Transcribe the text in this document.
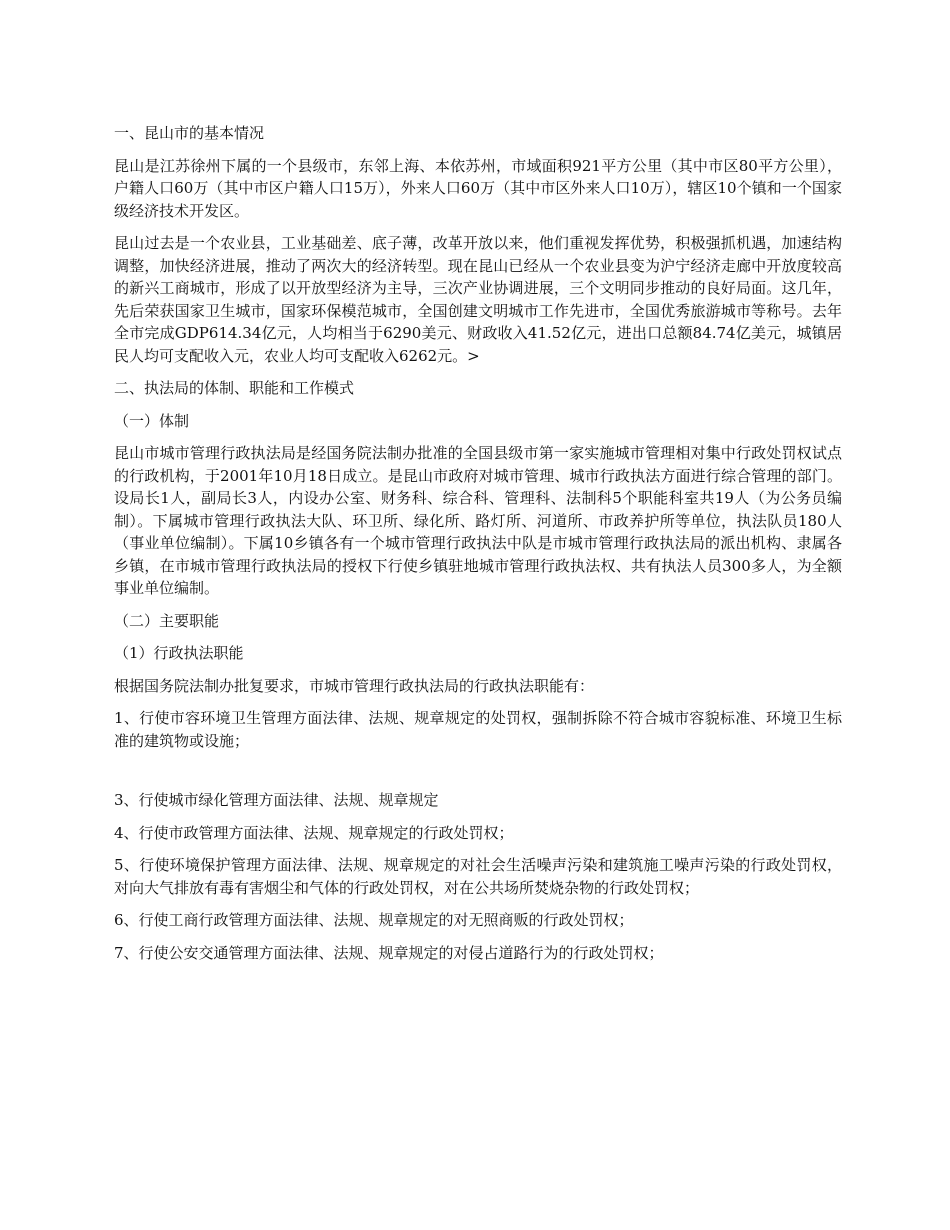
一、昆山市的基本情况

昆山是江苏徐州下属的一个县级市，东邻上海、本依苏州，市域面积921平方公里（其中市区80平方公里），户籍人口60万（其中市区户籍人口15万），外来人口60万（其中市区外来人口10万），辖区10个镇和一个国家级经济技术开发区。

昆山过去是一个农业县，工业基础差、底子薄，改革开放以来，他们重视发挥优势，积极强抓机遇，加速结构调整，加快经济进展，推动了两次大的经济转型。现在昆山已经从一个农业县变为沪宁经济走廊中开放度较高的新兴工商城市，形成了以开放型经济为主导，三次产业协调进展，三个文明同步推动的良好局面。这几年，先后荣获国家卫生城市，国家环保模范城市，全国创建文明城市工作先进市，全国优秀旅游城市等称号。去年全市完成GDP614.34亿元，人均相当于6290美元、财政收入41.52亿元，进出口总额84.74亿美元，城镇居民人均可支配收入元，农业人均可支配收入6262元。>

二、执法局的体制、职能和工作模式

（一）体制

昆山市城市管理行政执法局是经国务院法制办批准的全国县级市第一家实施城市管理相对集中行政处罚权试点的行政机构，于2001年10月18日成立。是昆山市政府对城市管理、城市行政执法方面进行综合管理的部门。设局长1人，副局长3人，内设办公室、财务科、综合科、管理科、法制科5个职能科室共19人（为公务员编制）。下属城市管理行政执法大队、环卫所、绿化所、路灯所、河道所、市政养护所等单位，执法队员180人（事业单位编制）。下属10乡镇各有一个城市管理行政执法中队是市城市管理行政执法局的派出机构、隶属各乡镇，在市城市管理行政执法局的授权下行使乡镇驻地城市管理行政执法权、共有执法人员300多人，为全额事业单位编制。

（二）主要职能

（1）行政执法职能

根据国务院法制办批复要求，市城市管理行政执法局的行政执法职能有：

1、行使市容环境卫生管理方面法律、法规、规章规定的处罚权，强制拆除不符合城市容貌标准、环境卫生标准的建筑物或设施；

3、行使城市绿化管理方面法律、法规、规章规定

4、行使市政管理方面法律、法规、规章规定的行政处罚权；

5、行使环境保护管理方面法律、法规、规章规定的对社会生活噪声污染和建筑施工噪声污染的行政处罚权，对向大气排放有毒有害烟尘和气体的行政处罚权，对在公共场所焚烧杂物的行政处罚权；

6、行使工商行政管理方面法律、法规、规章规定的对无照商贩的行政处罚权；

7、行使公安交通管理方面法律、法规、规章规定的对侵占道路行为的行政处罚权；
